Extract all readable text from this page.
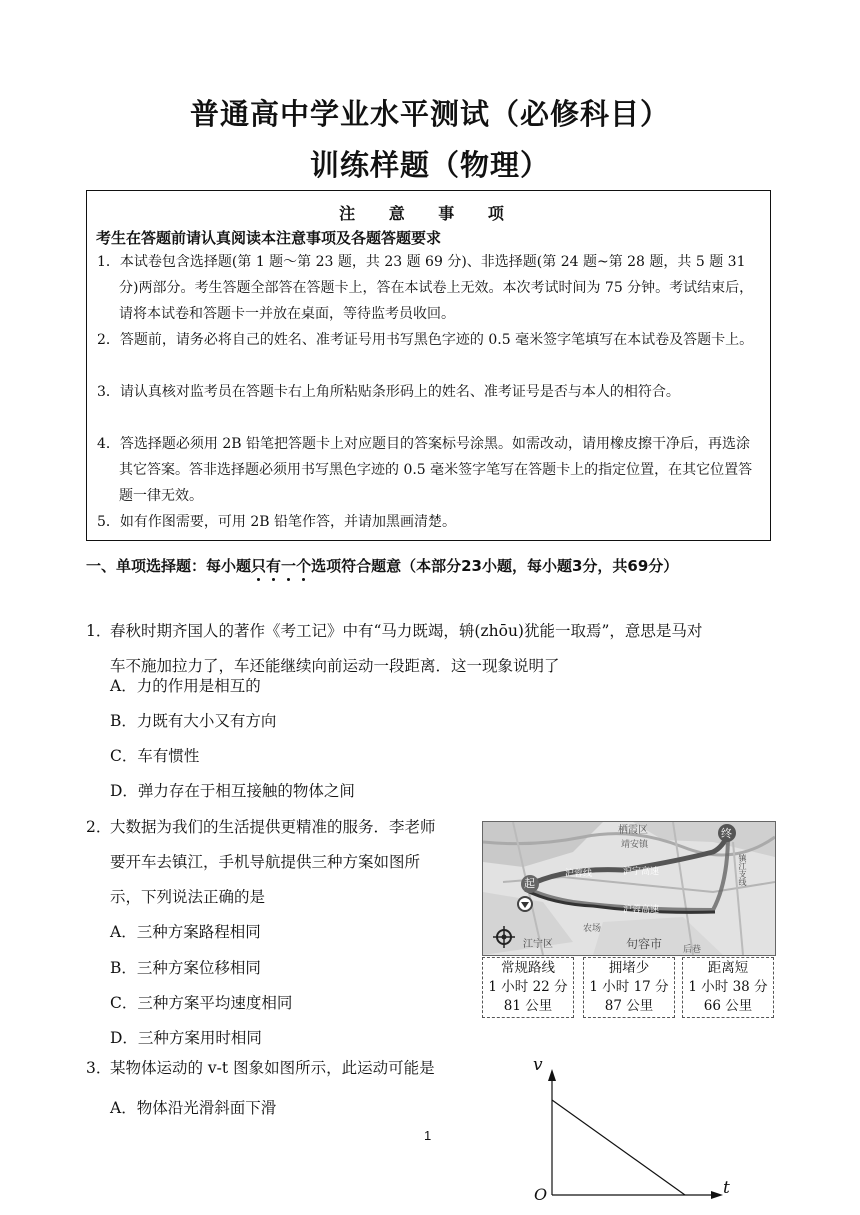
普通高中学业水平测试（必修科目）
训练样题（物理）
注 意 事 项
考生在答题前请认真阅读本注意事项及各题答题要求
1．本试卷包含选择题(第 1 题～第 23 题，共 23 题 69 分)、非选择题(第 24 题~第 28 题，共 5 题 31 分)两部分。考生答题全部答在答题卡上，答在本试卷上无效。本次考试时间为 75 分钟。考试结束后，请将本试卷和答题卡一并放在桌面，等待监考员收回。
2．答题前，请务必将自己的姓名、准考证号用书写黑色字迹的 0.5 毫米签字笔填写在本试卷及答题卡上。
3．请认真核对监考员在答题卡右上角所粘贴条形码上的姓名、准考证号是否与本人的相符合。
4．答选择题必须用 2B 铅笔把答题卡上对应题目的答案标号涂黑。如需改动，请用橡皮擦干净后，再选涂其它答案。答非选择题必须用书写黑色字迹的 0.5 毫米签字笔写在答题卡上的指定位置，在其它位置答题一律无效。
5．如有作图需要，可用 2B 铅笔作答，并请加黑画清楚。
一、单项选择题：每小题只有一个选项符合题意（本部分23小题，每小题3分，共69分）
1．春秋时期齐国人的著作《考工记》中有“马力既竭，辀(zhōu)犹能一取焉”，意思是马对
车不施加拉力了，车还能继续向前运动一段距离．这一现象说明了
A．力的作用是相互的
B．力既有大小又有方向
C．车有惯性
D．弹力存在于相互接触的物体之间
2．大数据为我们的生活提供更精准的服务．李老师
要开车去镇江，手机导航提供三种方案如图所
示，下列说法正确的是
A．三种方案路程相同
B．三种方案位移相同
C．三种方案平均速度相同
D．三种方案用时相同
起
终
栖霞区
靖安镇
沪宁高速
沪蓉高速
沪蓉线
江宁区	句容市
农场
镇江支线
后巷
常规路线
1 小时 22 分
81 公里
拥堵少
1 小时 17 分
87 公里
距离短
1 小时 38 分
66 公里
3．某物体运动的 v-t 图象如图所示，此运动可能是
A．物体沿光滑斜面下滑
v
t
O
1
